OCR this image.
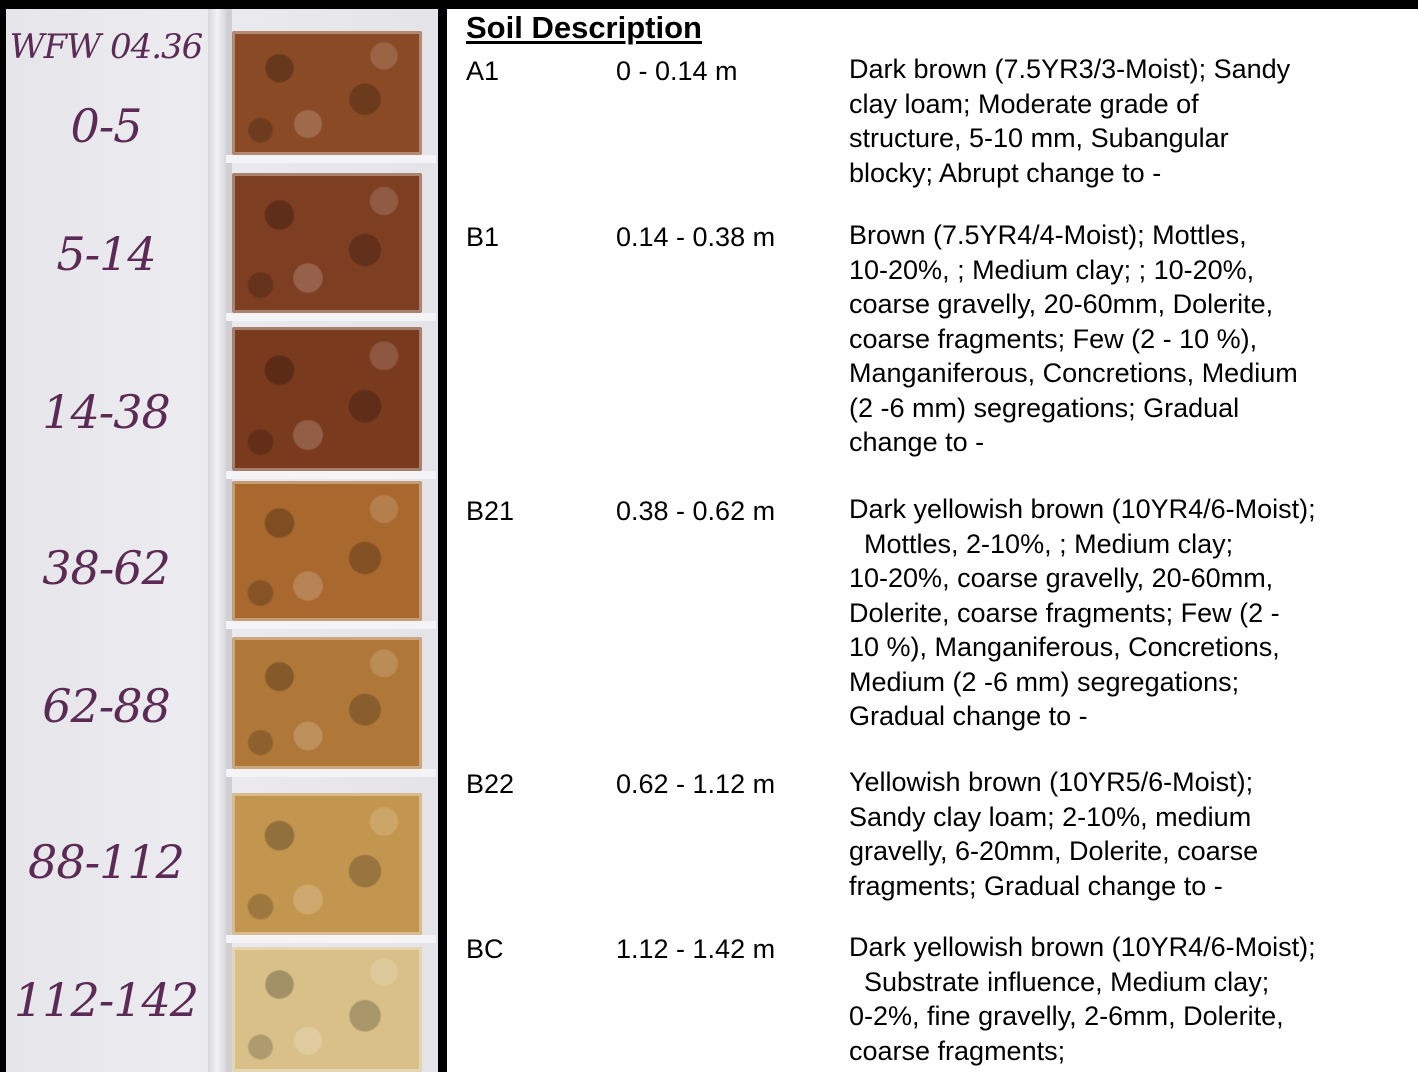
WFW 04.36
0-5
5-14
14-38
38-62
62-88
88-112
112-142
Soil Description
A1	0 - 0.14 m	Dark brown (7.5YR3/3-Moist); Sandy
clay loam; Moderate grade of
structure, 5-10 mm, Subangular
blocky; Abrupt change to -
B1	0.14 - 0.38 m	Brown (7.5YR4/4-Moist); Mottles,
10-20%, ; Medium clay; ; 10-20%,
coarse gravelly, 20-60mm, Dolerite,
coarse fragments; Few (2 - 10 %),
Manganiferous, Concretions, Medium
(2 -6 mm) segregations; Gradual
change to -
B21	0.38 - 0.62 m	Dark yellowish brown (10YR4/6-Moist);
Mottles, 2-10%, ; Medium clay;
10-20%, coarse gravelly, 20-60mm,
Dolerite, coarse fragments; Few (2 -
10 %), Manganiferous, Concretions,
Medium (2 -6 mm) segregations;
Gradual change to -
B22	0.62 - 1.12 m	Yellowish brown (10YR5/6-Moist);
Sandy clay loam; 2-10%, medium
gravelly, 6-20mm, Dolerite, coarse
fragments; Gradual change to -
BC	1.12 - 1.42 m	Dark yellowish brown (10YR4/6-Moist);
Substrate influence, Medium clay;
0-2%, fine gravelly, 2-6mm, Dolerite,
coarse fragments;
